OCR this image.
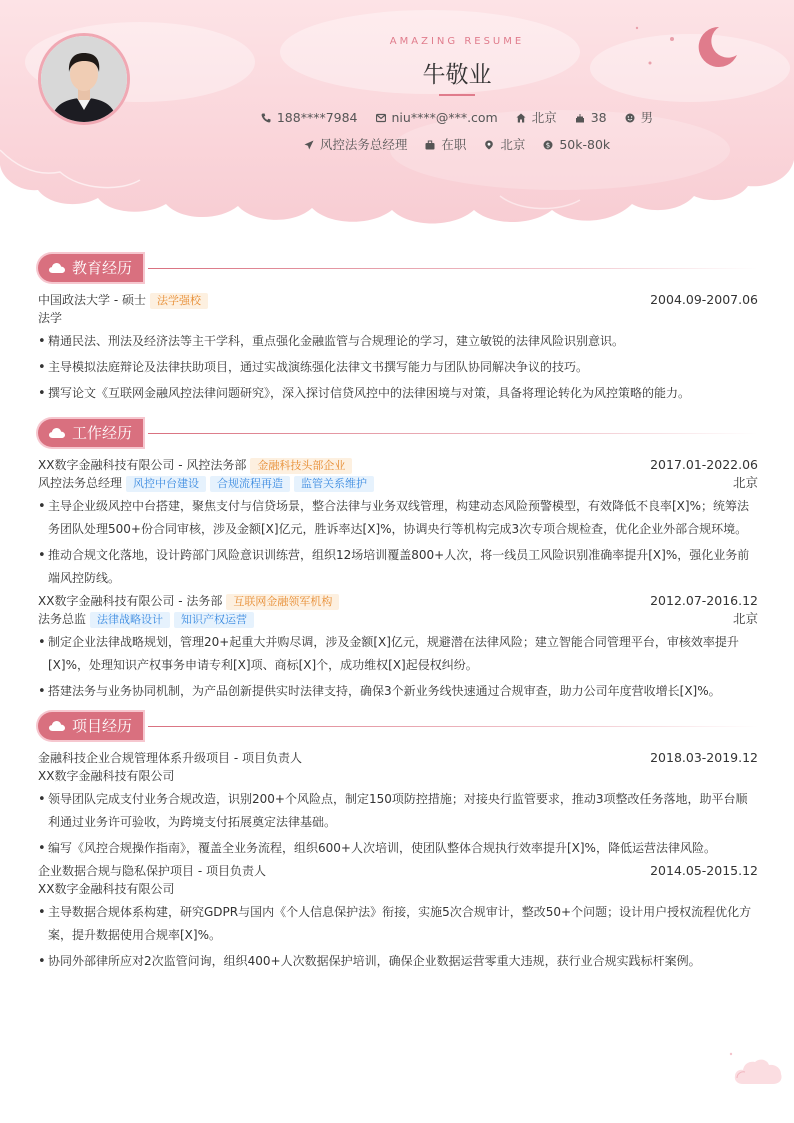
AMAZING RESUME
牛敬业
188****7984	niu****@***.com	北京	38	男
风控法务总经理	在职	北京	$ 50k-80k
教育经历
中国政法大学 - 硕士 法学强校	2004.09-2007.06
法学
• 精通民法、刑法及经济法等主干学科，重点强化金融监管与合规理论的学习，建立敏锐的法律风险识别意识。
• 主导模拟法庭辩论及法律扶助项目，通过实战演练强化法律文书撰写能力与团队协同解决争议的技巧。
• 撰写论文《互联网金融风控法律问题研究》，深入探讨信贷风控中的法律困境与对策，具备将理论转化为风控策略的能力。
工作经历
XX数字金融科技有限公司 - 风控法务部 金融科技头部企业	2017.01-2022.06
风控法务总经理 风控中台建设 合规流程再造 监管关系维护	北京
• 主导企业级风控中台搭建，聚焦支付与信贷场景，整合法律与业务双线管理，构建动态风险预警模型，有效降低不良率[X]%；统筹法务团队处理500+份合同审核，涉及金额[X]亿元，胜诉率达[X]%，协调央行等机构完成3次专项合规检查，优化企业外部合规环境。
• 推动合规文化落地，设计跨部门风险意识训练营，组织12场培训覆盖800+人次，将一线员工风险识别准确率提升[X]%，强化业务前端风控防线。
XX数字金融科技有限公司 - 法务部 互联网金融领军机构	2012.07-2016.12
法务总监 法律战略设计 知识产权运营	北京
• 制定企业法律战略规划，管理20+起重大并购尽调，涉及金额[X]亿元，规避潜在法律风险；建立智能合同管理平台，审核效率提升[X]%，处理知识产权事务申请专利[X]项、商标[X]个，成功维权[X]起侵权纠纷。
• 搭建法务与业务协同机制，为产品创新提供实时法律支持，确保3个新业务线快速通过合规审查，助力公司年度营收增长[X]%。
项目经历
金融科技企业合规管理体系升级项目 - 项目负责人	2018.03-2019.12
XX数字金融科技有限公司
• 领导团队完成支付业务合规改造，识别200+个风险点，制定150项防控措施；对接央行监管要求，推动3项整改任务落地，助平台顺利通过业务许可验收，为跨境支付拓展奠定法律基础。
• 编写《风控合规操作指南》，覆盖全业务流程，组织600+人次培训，使团队整体合规执行效率提升[X]%，降低运营法律风险。
企业数据合规与隐私保护项目 - 项目负责人	2014.05-2015.12
XX数字金融科技有限公司
• 主导数据合规体系构建，研究GDPR与国内《个人信息保护法》衔接，实施5次合规审计，整改50+个问题；设计用户授权流程优化方案，提升数据使用合规率[X]%。
• 协同外部律所应对2次监管问询，组织400+人次数据保护培训，确保企业数据运营零重大违规，获行业合规实践标杆案例。
